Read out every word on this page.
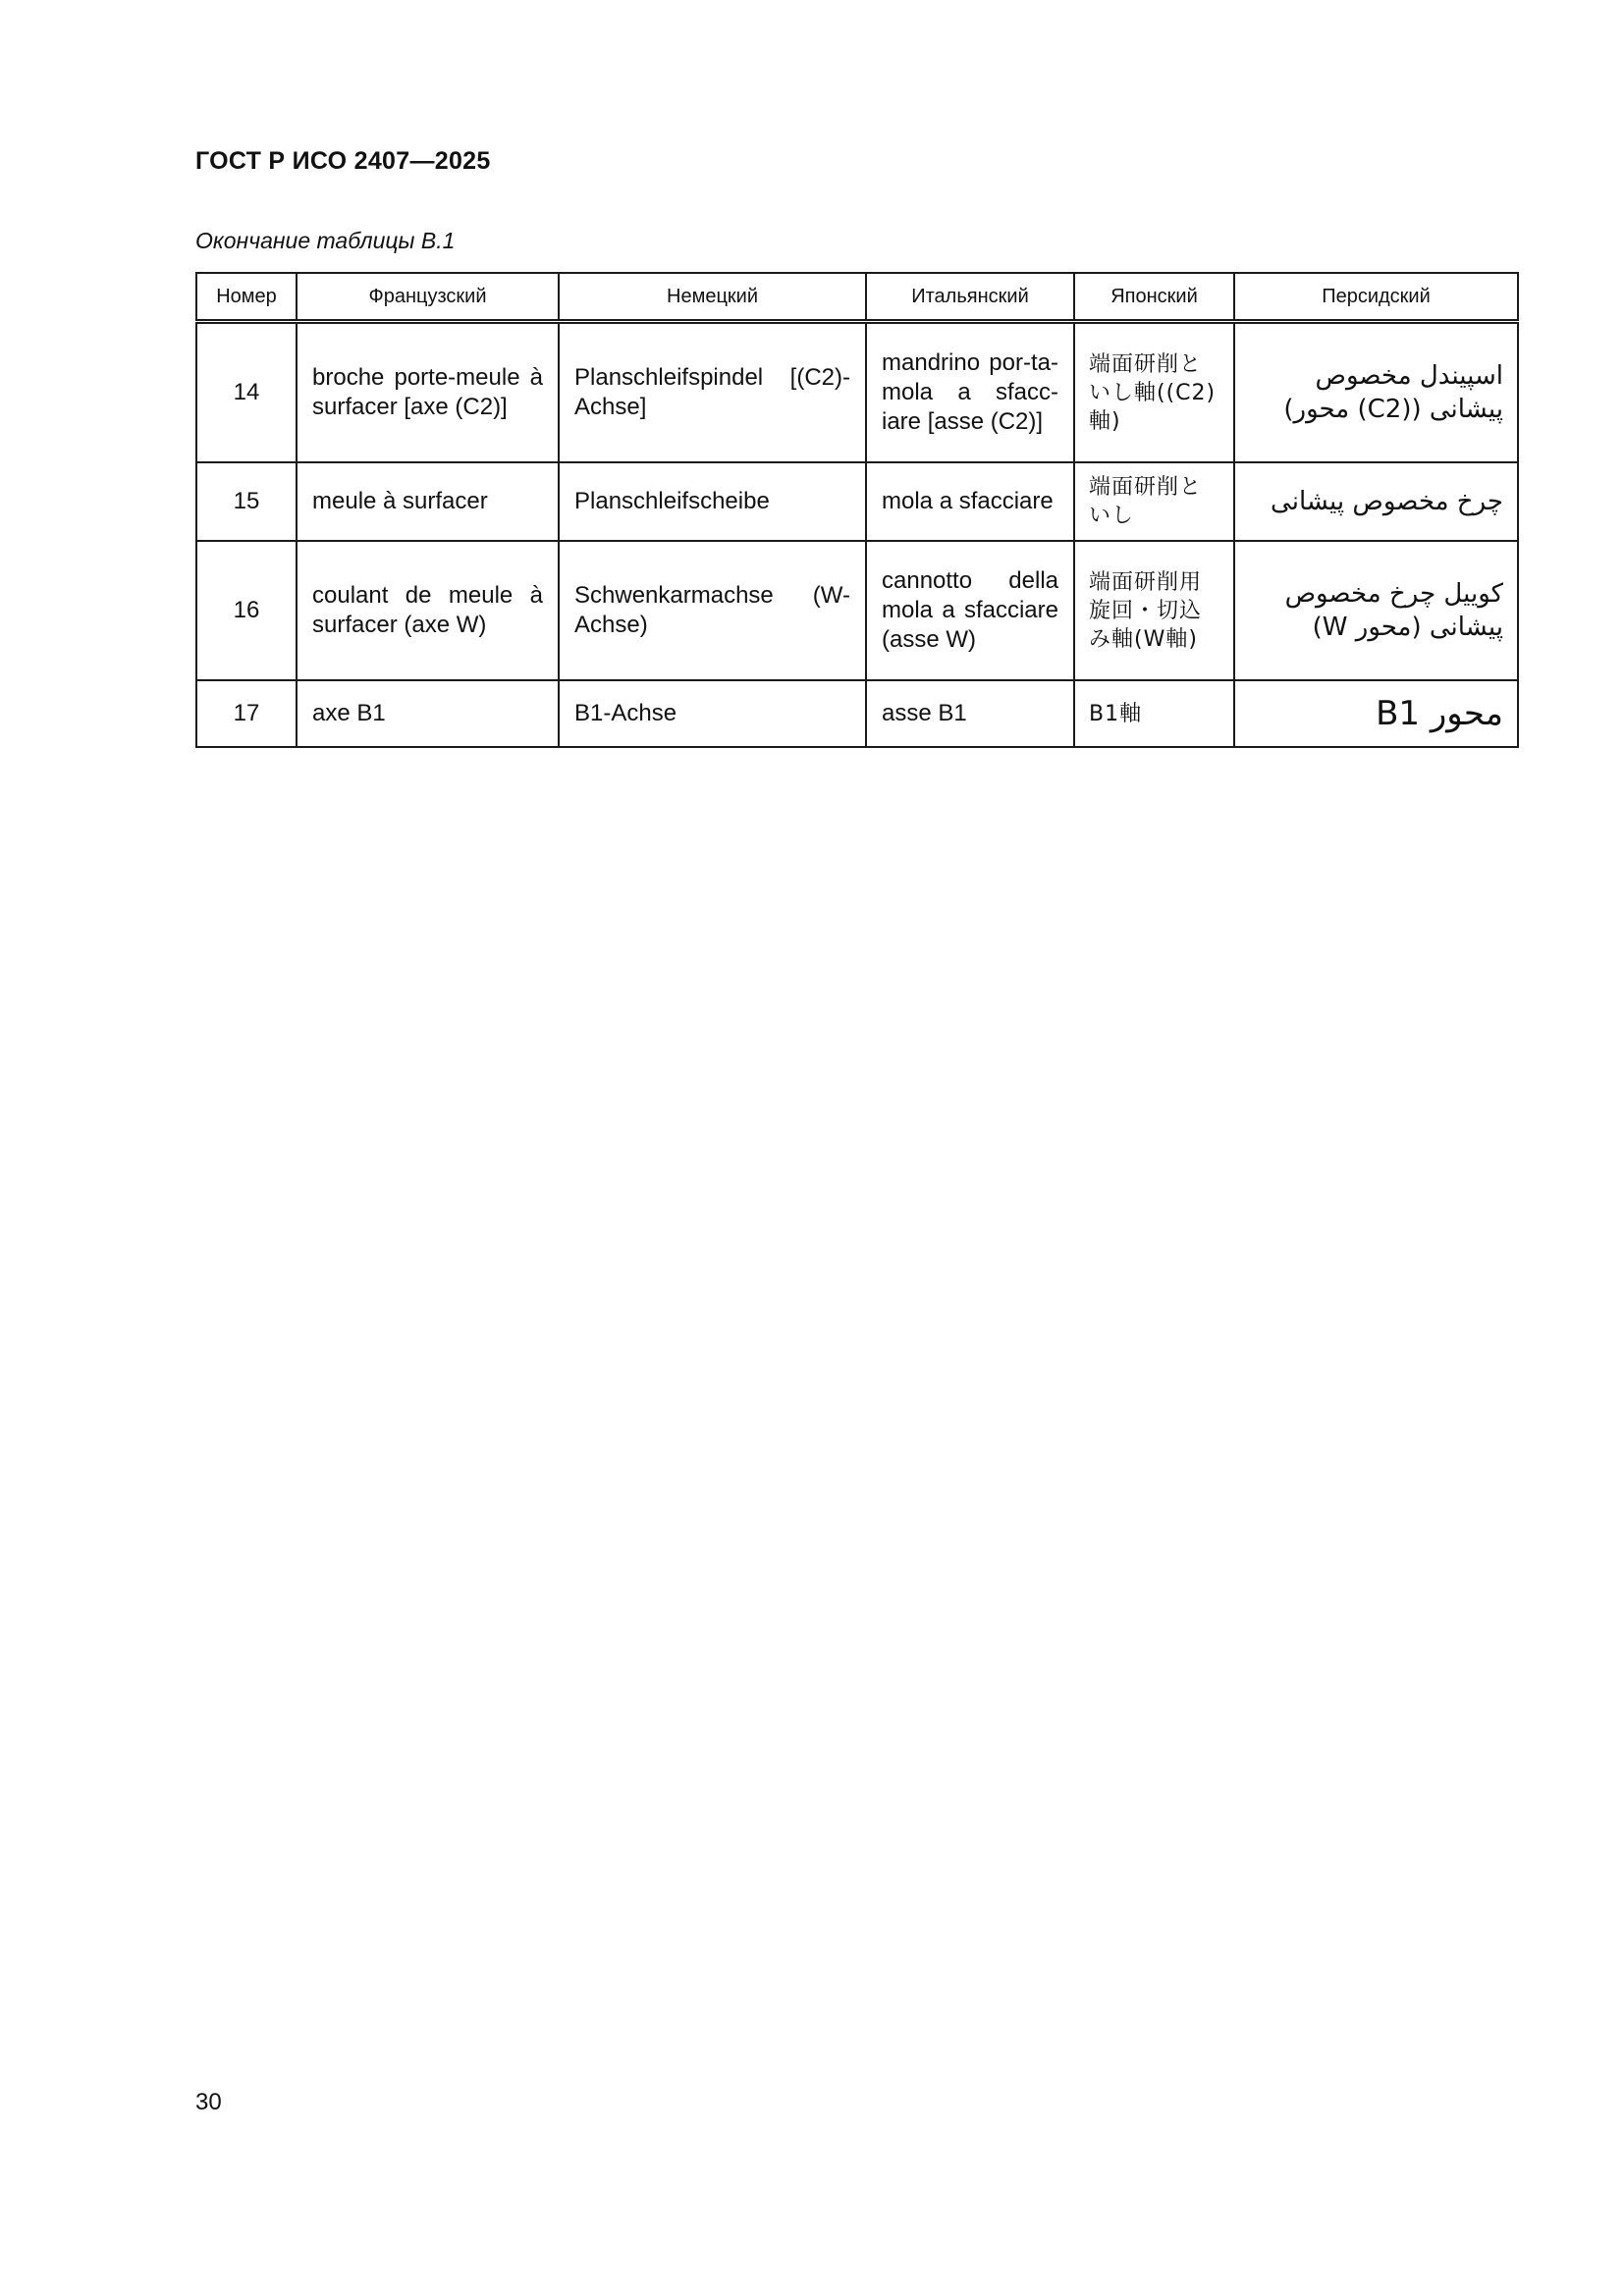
ГОСТ Р ИСО 2407—2025
Окончание таблицы В.1
Номер	Французский	Немецкий	Итальянский	Японский	Персидский
14	broche porte-meule à surfacer [axe (C2)]	Planschleifspindel [(C2)-Achse]	mandrino por-ta-mola a sfacc-iare [asse (C2)]	端面研削といし軸((C2)軸)	اسپیندل مخصوص پیشانی ((C2) محور)
15	meule à surfacer	Planschleifscheibe	mola a sfacciare	端面研削といし	چرخ مخصوص پیشانی
16	coulant de meule à surfacer (axe W)	Schwenkarmachse (W-Achse)	cannotto della mola a sfacciare (asse W)	端面研削用旋回・切込み軸(W軸)	کوییل چرخ مخصوص پیشانی (محور W)
17	axe B1	B1-Achse	asse B1	B1軸	محور B1
30
